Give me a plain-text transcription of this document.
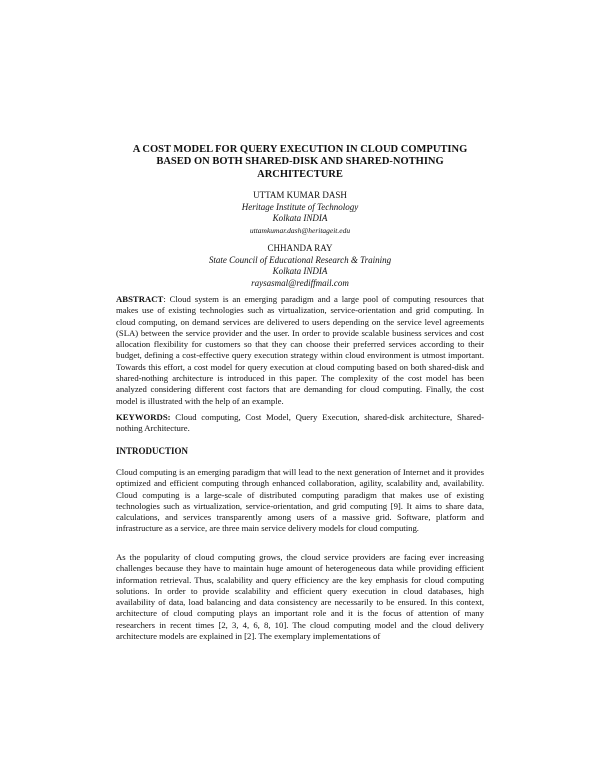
A COST MODEL FOR QUERY EXECUTION IN CLOUD COMPUTING
BASED ON BOTH SHARED-DISK AND SHARED-NOTHING
ARCHITECTURE
UTTAM KUMAR DASH
Heritage Institute of Technology
Kolkata INDIA
uttamkumar.dash@heritageit.edu
CHHANDA RAY
State Council of Educational Research & Training
Kolkata INDIA
raysasmal@rediffmail.com
ABSTRACT: Cloud system is an emerging paradigm and a large pool of computing resources that makes use of existing technologies such as virtualization, service-orientation and grid computing. In cloud computing, on demand services are delivered to users depending on the service level agreements (SLA) between the service provider and the user. In order to provide scalable business services and cost allocation flexibility for customers so that they can choose their preferred services according to their budget, defining a cost-effective query execution strategy within cloud environment is utmost important. Towards this effort, a cost model for query execution at cloud computing based on both shared-disk and shared-nothing architecture is introduced in this paper. The complexity of the cost model has been analyzed considering different cost factors that are demanding for cloud computing. Finally, the cost model is illustrated with the help of an example.
KEYWORDS: Cloud computing, Cost Model, Query Execution, shared-disk architecture, Shared-nothing Architecture.
INTRODUCTION
Cloud computing is an emerging paradigm that will lead to the next generation of Internet and it provides optimized and efficient computing through enhanced collaboration, agility, scalability and, availability. Cloud computing is a large-scale of distributed computing paradigm that makes use of existing technologies such as virtualization, service-orientation, and grid computing [9]. It aims to share data, calculations, and services transparently among users of a massive grid. Software, platform and infrastructure as a service, are three main service delivery models for cloud computing.
As the popularity of cloud computing grows, the cloud service providers are facing ever increasing challenges because they have to maintain huge amount of heterogeneous data while providing efficient information retrieval. Thus, scalability and query efficiency are the key emphasis for cloud computing solutions. In order to provide scalability and efficient query execution in cloud databases, high availability of data, load balancing and data consistency are necessarily to be ensured. In this context, architecture of cloud computing plays an important role and it is the focus of attention of many researchers in recent times [2, 3, 4, 6, 8, 10]. The cloud computing model and the cloud delivery architecture models are explained in [2]. The exemplary implementations of
